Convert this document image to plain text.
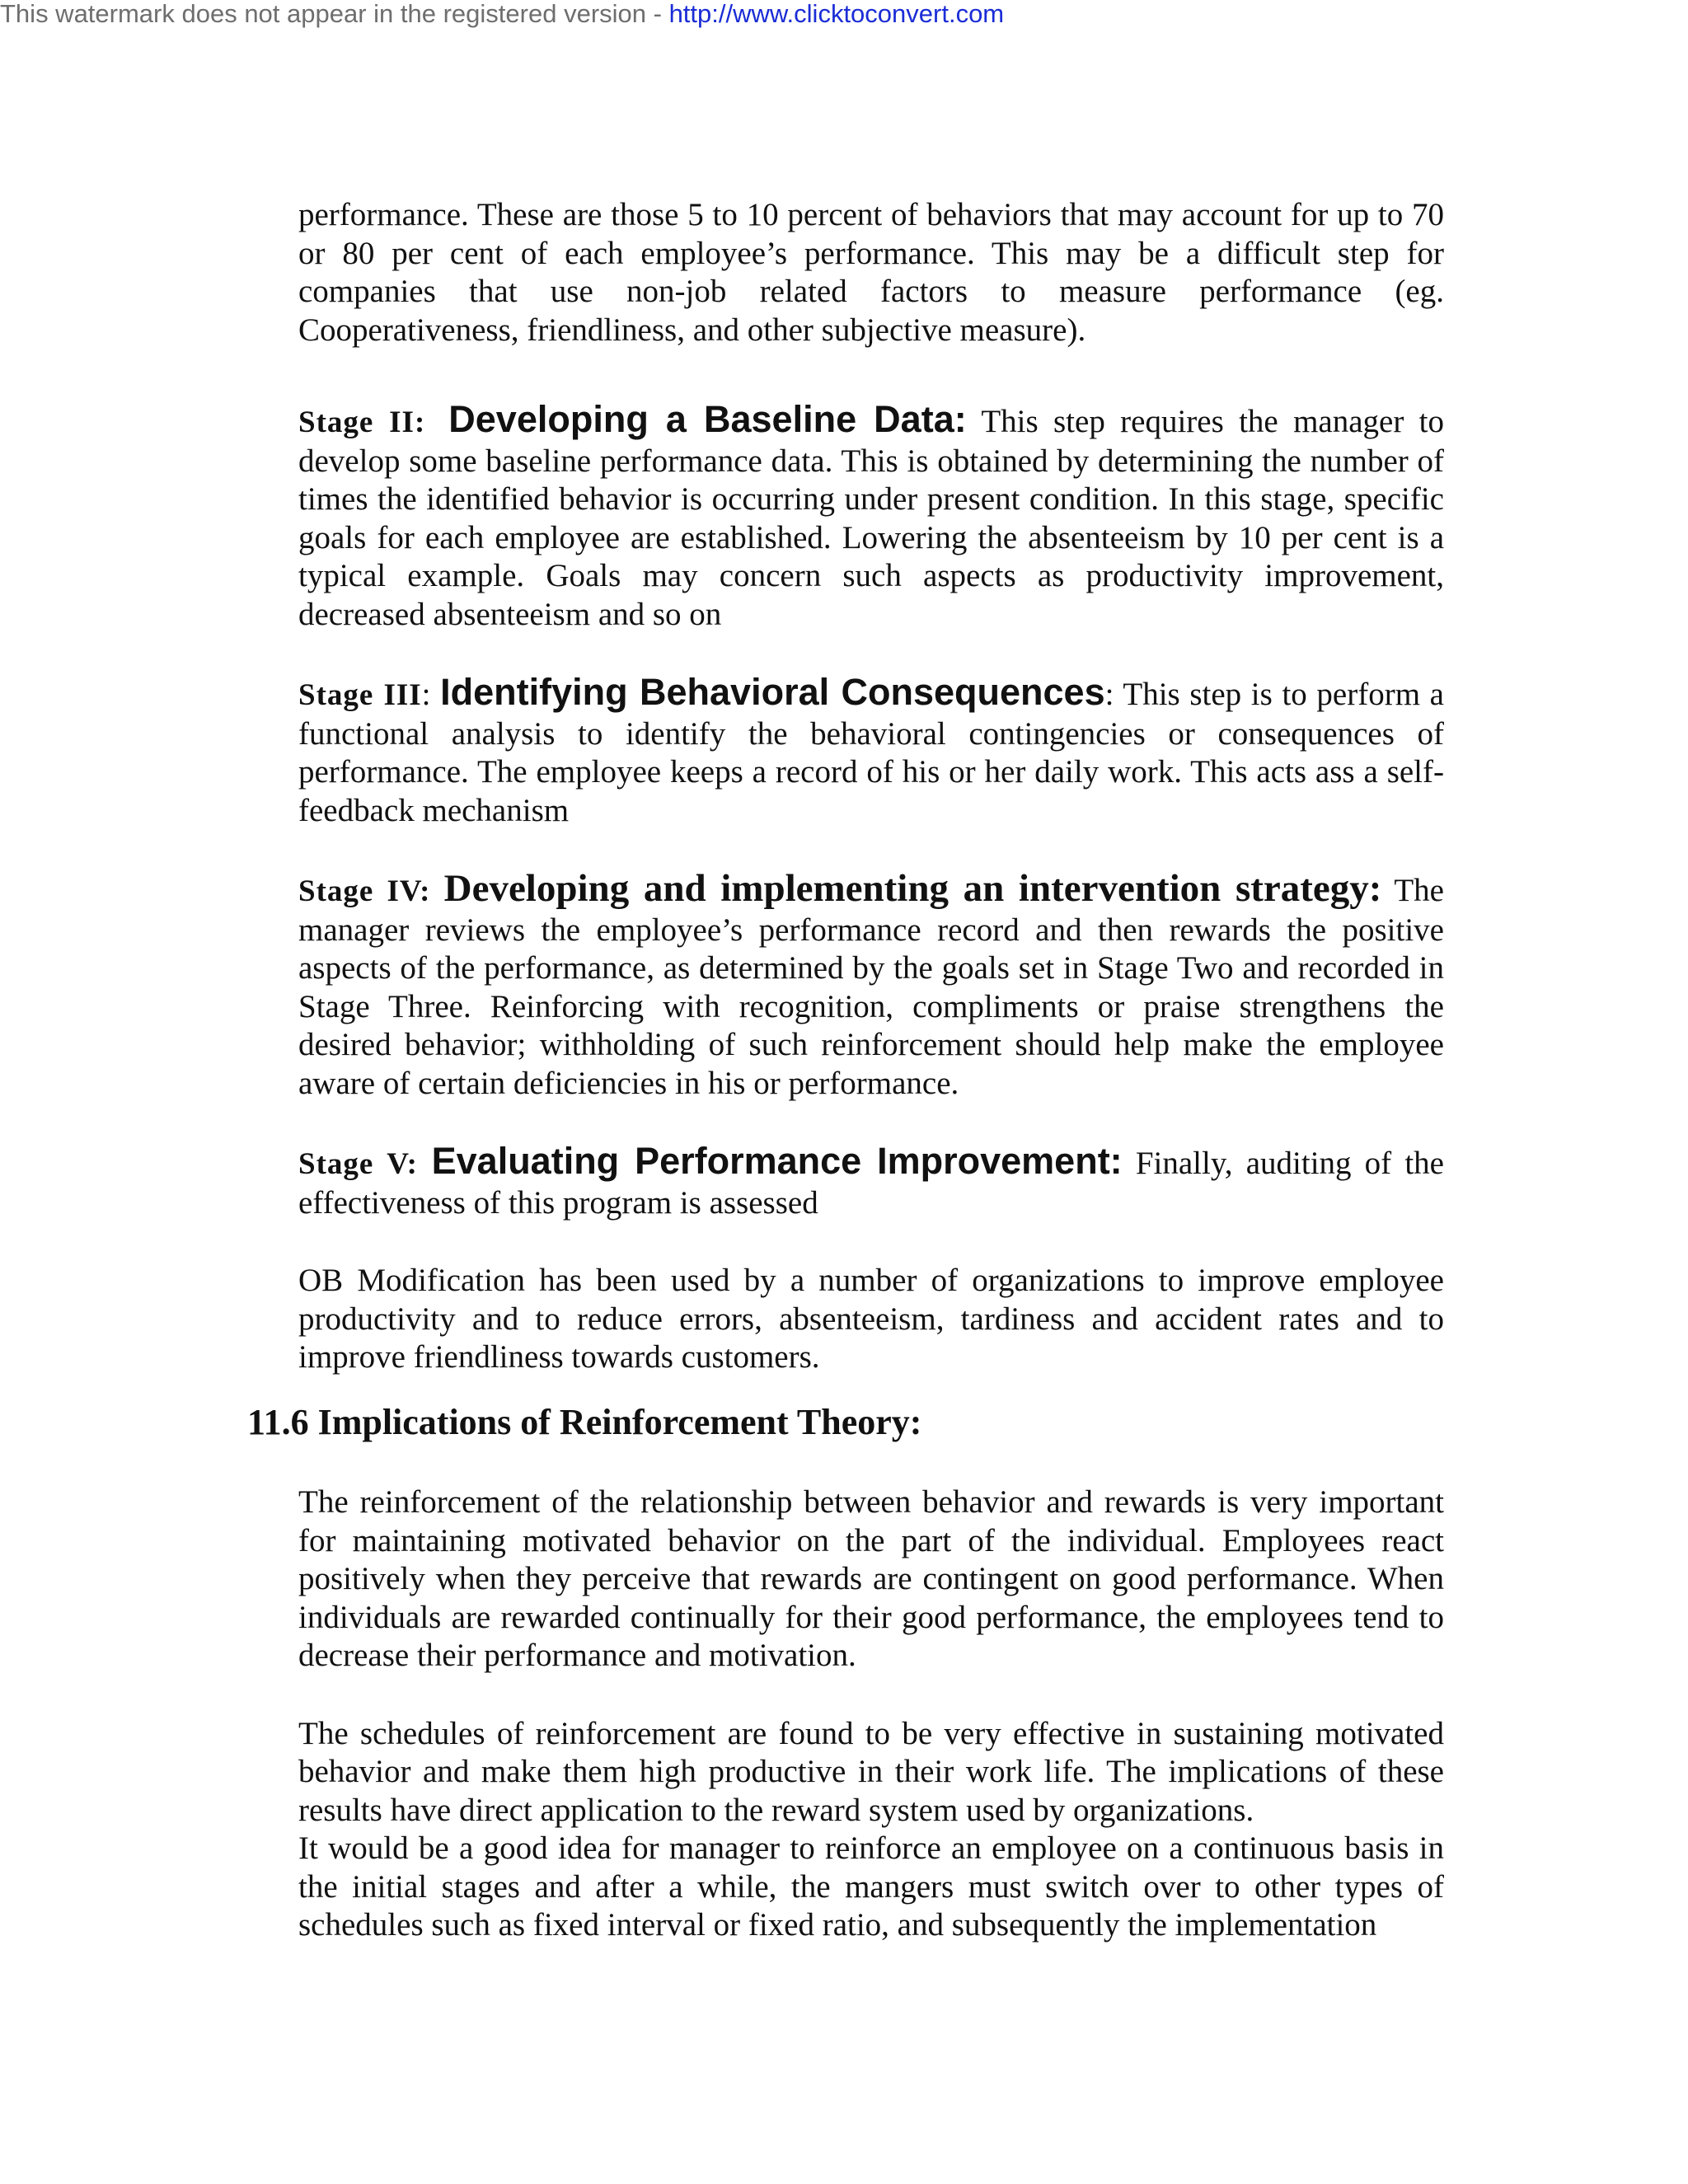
This watermark does not appear in the registered version - http://www.clicktoconvert.com

performance. These are those 5 to 10 percent of behaviors that may account for up to 70 or 80 per cent of each employee’s performance. This may be a difficult step for companies that use non-job related factors to measure performance (eg. Cooperativeness, friendliness, and other subjective measure).

Stage II: Developing a Baseline Data: This step requires the manager to develop some baseline performance data. This is obtained by determining the number of times the identified behavior is occurring under present condition. In this stage, specific goals for each employee are established. Lowering the absenteeism by 10 per cent is a typical example. Goals may concern such aspects as productivity improvement, decreased absenteeism and so on

Stage III: Identifying Behavioral Consequences: This step is to perform a functional analysis to identify the behavioral contingencies or consequences of performance. The employee keeps a record of his or her daily work. This acts ass a self- feedback mechanism

Stage IV: Developing and implementing an intervention strategy: The manager reviews the employee’s performance record and then rewards the positive aspects of the performance, as determined by the goals set in Stage Two and recorded in Stage Three. Reinforcing with recognition, compliments or praise strengthens the desired behavior; withholding of such reinforcement should help make the employee aware of certain deficiencies in his or performance.

Stage V: Evaluating Performance Improvement: Finally, auditing of the effectiveness of this program is assessed

OB Modification has been used by a number of organizations to improve employee productivity and to reduce errors, absenteeism, tardiness and accident rates and to improve friendliness towards customers.

11.6 Implications of Reinforcement Theory:

The reinforcement of the relationship between behavior and rewards is very important for maintaining motivated behavior on the part of the individual. Employees react positively when they perceive that rewards are contingent on good performance. When individuals are rewarded continually for their good performance, the employees tend to decrease their performance and motivation.

The schedules of reinforcement are found to be very effective in sustaining motivated behavior and make them high productive in their work life. The implications of these results have direct application to the reward system used by organizations.

It would be a good idea for manager to reinforce an employee on a continuous basis in the initial stages and after a while, the mangers must switch over to other types of schedules such as fixed interval or fixed ratio, and subsequently the implementation
